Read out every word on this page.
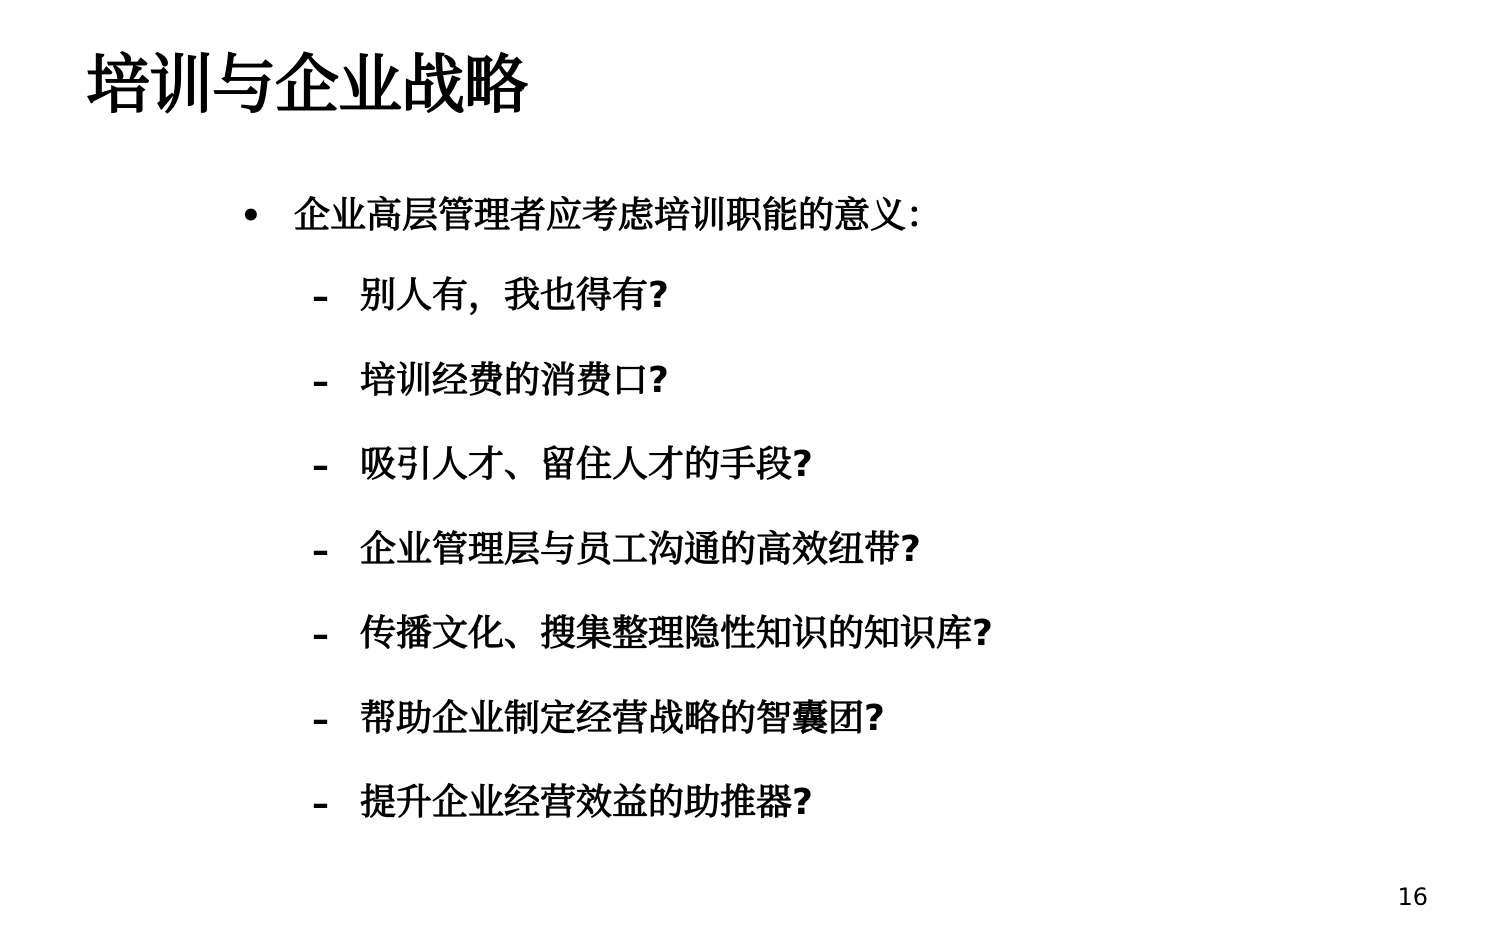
培训与企业战略
• 企业高层管理者应考虑培训职能的意义：
– 别人有，我也得有?
– 培训经费的消费口?
– 吸引人才、留住人才的手段?
– 企业管理层与员工沟通的高效纽带?
– 传播文化、搜集整理隐性知识的知识库?
– 帮助企业制定经营战略的智囊团?
– 提升企业经营效益的助推器?
16
